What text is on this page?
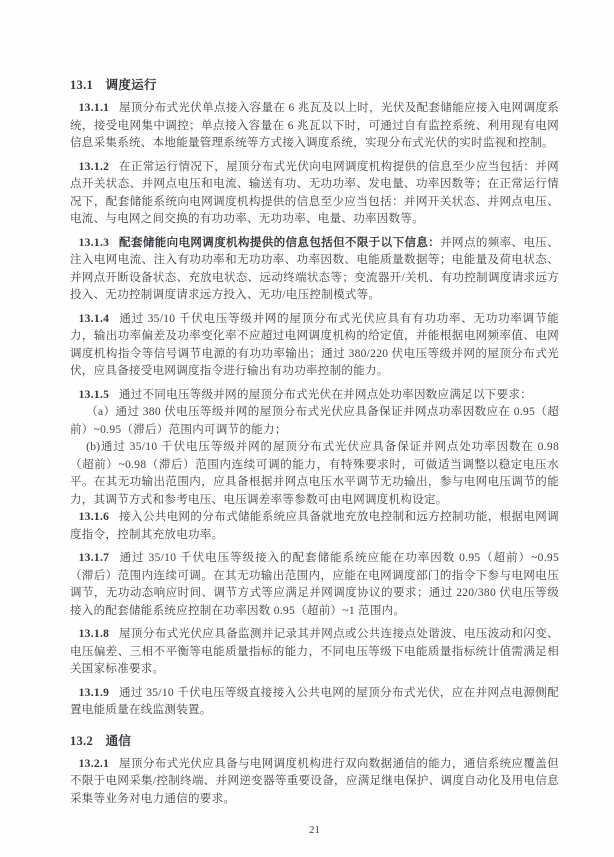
13.1 调度运行

13.1.1 屋顶分布式光伏单点接入容量在 6 兆瓦及以上时，光伏及配套储能应接入电网调度系统，接受电网集中调控；单点接入容量在 6 兆瓦以下时，可通过自有监控系统、利用现有电网信息采集系统、本地能量管理系统等方式接入调度系统，实现分布式光伏的实时监视和控制。

13.1.2 在正常运行情况下，屋顶分布式光伏向电网调度机构提供的信息至少应当包括：并网点开关状态、并网点电压和电流、输送有功、无功功率、发电量、功率因数等；在正常运行情况下，配套储能系统向电网调度机构提供的信息至少应当包括：并网开关状态、并网点电压、电流、与电网之间交换的有功功率、无功功率、电量、功率因数等。

13.1.3 配套储能向电网调度机构提供的信息包括但不限于以下信息：并网点的频率、电压、注入电网电流、注入有功功率和无功功率、功率因数、电能质量数据等；电能量及荷电状态、并网点开断设备状态、充放电状态、远动终端状态等；变流器开/关机、有功控制调度请求远方投入、无功控制调度请求远方投入、无功/电压控制模式等。

13.1.4 通过 35/10 千伏电压等级并网的屋顶分布式光伏应具有有功功率、无功功率调节能力，输出功率偏差及功率变化率不应超过电网调度机构的给定值，并能根据电网频率值、电网调度机构指令等信号调节电源的有功功率输出；通过 380/220 伏电压等级并网的屋顶分布式光伏，应具备接受电网调度指令进行输出有功功率控制的能力。

13.1.5 通过不同电压等级并网的屋顶分布式光伏在并网点处功率因数应满足以下要求：

（a）通过 380 伏电压等级并网的屋顶分布式光伏应具备保证并网点功率因数应在 0.95（超前）~0.95（滞后）范围内可调节的能力；

(b)通过 35/10 千伏电压等级并网的屋顶分布式光伏应具备保证并网点处功率因数在 0.98（超前）~0.98（滞后）范围内连续可调的能力，有特殊要求时，可做适当调整以稳定电压水平。在其无功输出范围内，应具备根据并网点电压水平调节无功输出，参与电网电压调节的能力，其调节方式和参考电压、电压调差率等参数可由电网调度机构设定。

13.1.6 接入公共电网的分布式储能系统应具备就地充放电控制和远方控制功能，根据电网调度指令，控制其充放电功率。

13.1.7 通过 35/10 千伏电压等级接入的配套储能系统应能在功率因数 0.95（超前）~0.95（滞后）范围内连续可调。在其无功输出范围内，应能在电网调度部门的指令下参与电网电压调节，无功动态响应时间、调节方式等应满足并网调度协议的要求；通过 220/380 伏电压等级接入的配套储能系统应控制在功率因数 0.95（超前）~1 范围内。

13.1.8 屋顶分布式光伏应具备监测并记录其并网点或公共连接点处谐波、电压波动和闪变、电压偏差、三相不平衡等电能质量指标的能力，不同电压等级下电能质量指标统计值需满足相关国家标准要求。

13.1.9 通过 35/10 千伏电压等级直接接入公共电网的屋顶分布式光伏，应在并网点电源侧配置电能质量在线监测装置。

13.2 通信

13.2.1 屋顶分布式光伏应具备与电网调度机构进行双向数据通信的能力，通信系统应覆盖但不限于电网采集/控制终端、并网逆变器等重要设备，应满足继电保护、调度自动化及用电信息采集等业务对电力通信的要求。

21
